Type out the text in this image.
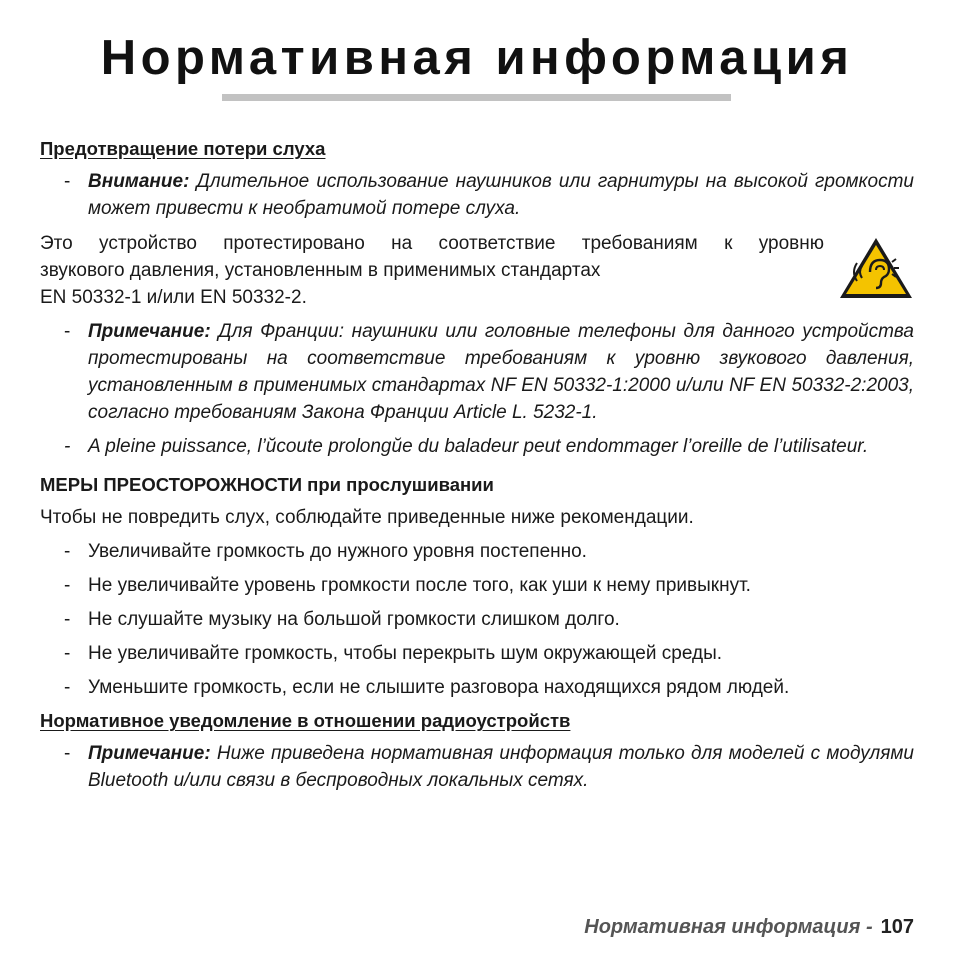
Нормативная информация
Предотвращение потери слуха
- Внимание: Длительное использование наушников или гарнитуры на высокой громкости может привести к необратимой потере слуха.
Это устройство протестировано на соответствие требованиям к уровню
звукового давления, установленным в применимых стандартах
EN 50332-1 и/или EN 50332-2.
- Примечание: Для Франции: наушники или головные телефоны для данного устройства протестированы на соответствие требованиям к уровню звукового давления, установленным в применимых стандартах NF EN 50332-1:2000 и/или NF EN 50332-2:2003, согласно требованиям Закона Франции Article L. 5232-1.
- A pleine puissance, l’ŭcoute prolongŭe du baladeur peut endommager l’oreille de l’utilisateur.
МЕРЫ ПРЕОСТОРОЖНОСТИ при прослушивании
Чтобы не повредить слух, соблюдайте приведенные ниже рекомендации.
- Увеличивайте громкость до нужного уровня постепенно.
- Не увеличивайте уровень громкости после того, как уши к нему привыкнут.
- Не слушайте музыку на большой громкости слишком долго.
- Не увеличивайте громкость, чтобы перекрыть шум окружающей среды.
- Уменьшите громкость, если не слышите разговора находящихся рядом людей.
Нормативное уведомление в отношении радиоустройств
- Примечание: Ниже приведена нормативная информация только для моделей с модулями Bluetooth и/или связи в беспроводных локальных сетях.
Нормативная информация - 107
